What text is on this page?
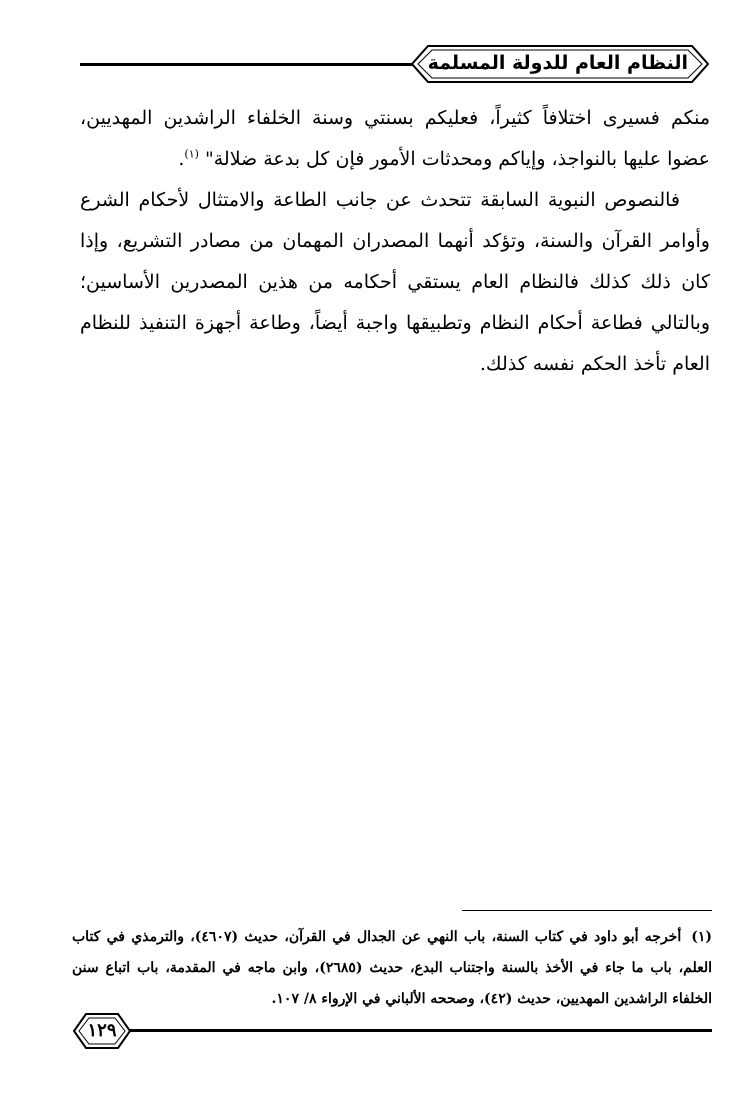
النظام العام للدولة المسلمة

منكم فسيرى اختلافاً كثيراً، فعليكم بسنتي وسنة الخلفاء الراشدين المهديين، عضوا عليها بالنواجذ، وإياكم ومحدثات الأمور فإن كل بدعة ضلالة" $^{(١)}$.

فالنصوص النبوية السابقة تتحدث عن جانب الطاعة والامتثال لأحكام الشرع وأوامر القرآن والسنة، وتؤكد أنهما المصدران المهمان من مصادر التشريع، وإذا كان ذلك كذلك فالنظام العام يستقي أحكامه من هذين المصدرين الأساسين؛ وبالتالي فطاعة أحكام النظام وتطبيقها واجبة أيضاً، وطاعة أجهزة التنفيذ للنظام العام تأخذ الحكم نفسه كذلك.

(١)أخرجه أبو داود في كتاب السنة، باب النهي عن الجدال في القرآن، حديث (٤٦٠٧)، والترمذي في كتاب العلم، باب ما جاء في الأخذ بالسنة واجتناب البدع، حديث (٢٦٨٥)، وابن ماجه في المقدمة، باب اتباع سنن الخلفاء الراشدين المهديين، حديث (٤٢)، وصححه الألباني في الإرواء ٨/ ١٠٧.

١٢٩
